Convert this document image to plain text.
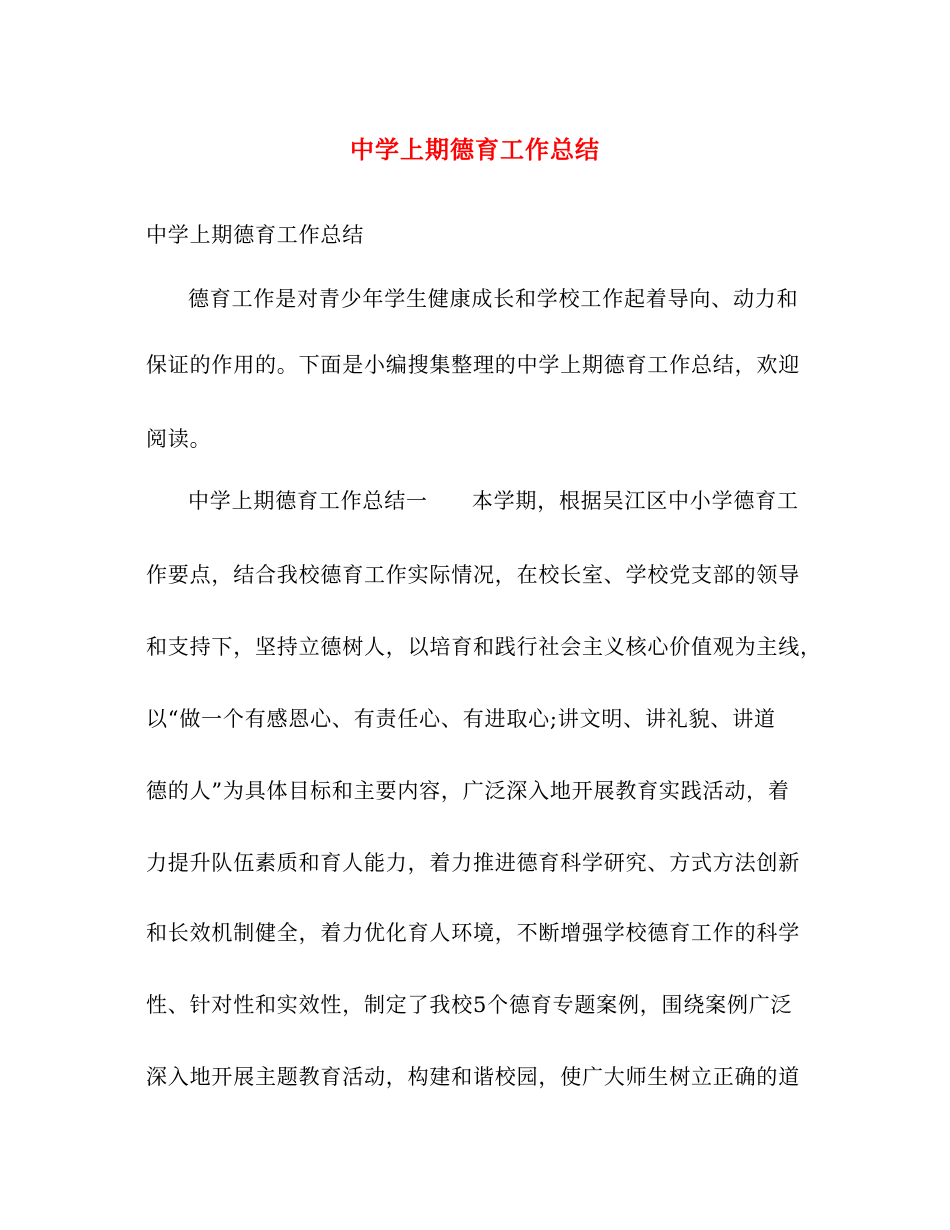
中学上期德育工作总结
中学上期德育工作总结
德育工作是对青少年学生健康成长和学校工作起着导向、动力和
保证的作用的。下面是小编搜集整理的中学上期德育工作总结，欢迎
阅读。
中学上期德育工作总结一 本学期，根据吴江区中小学德育工
作要点，结合我校德育工作实际情况，在校长室、学校党支部的领导
和支持下，坚持立德树人，以培育和践行社会主义核心价值观为主线，
以“做一个有感恩心、有责任心、有进取心;讲文明、讲礼貌、讲道
德的人”为具体目标和主要内容，广泛深入地开展教育实践活动，着
力提升队伍素质和育人能力，着力推进德育科学研究、方式方法创新
和长效机制健全，着力优化育人环境，不断增强学校德育工作的科学
性、针对性和实效性，制定了我校5个德育专题案例，围绕案例广泛
深入地开展主题教育活动，构建和谐校园，使广大师生树立正确的道
